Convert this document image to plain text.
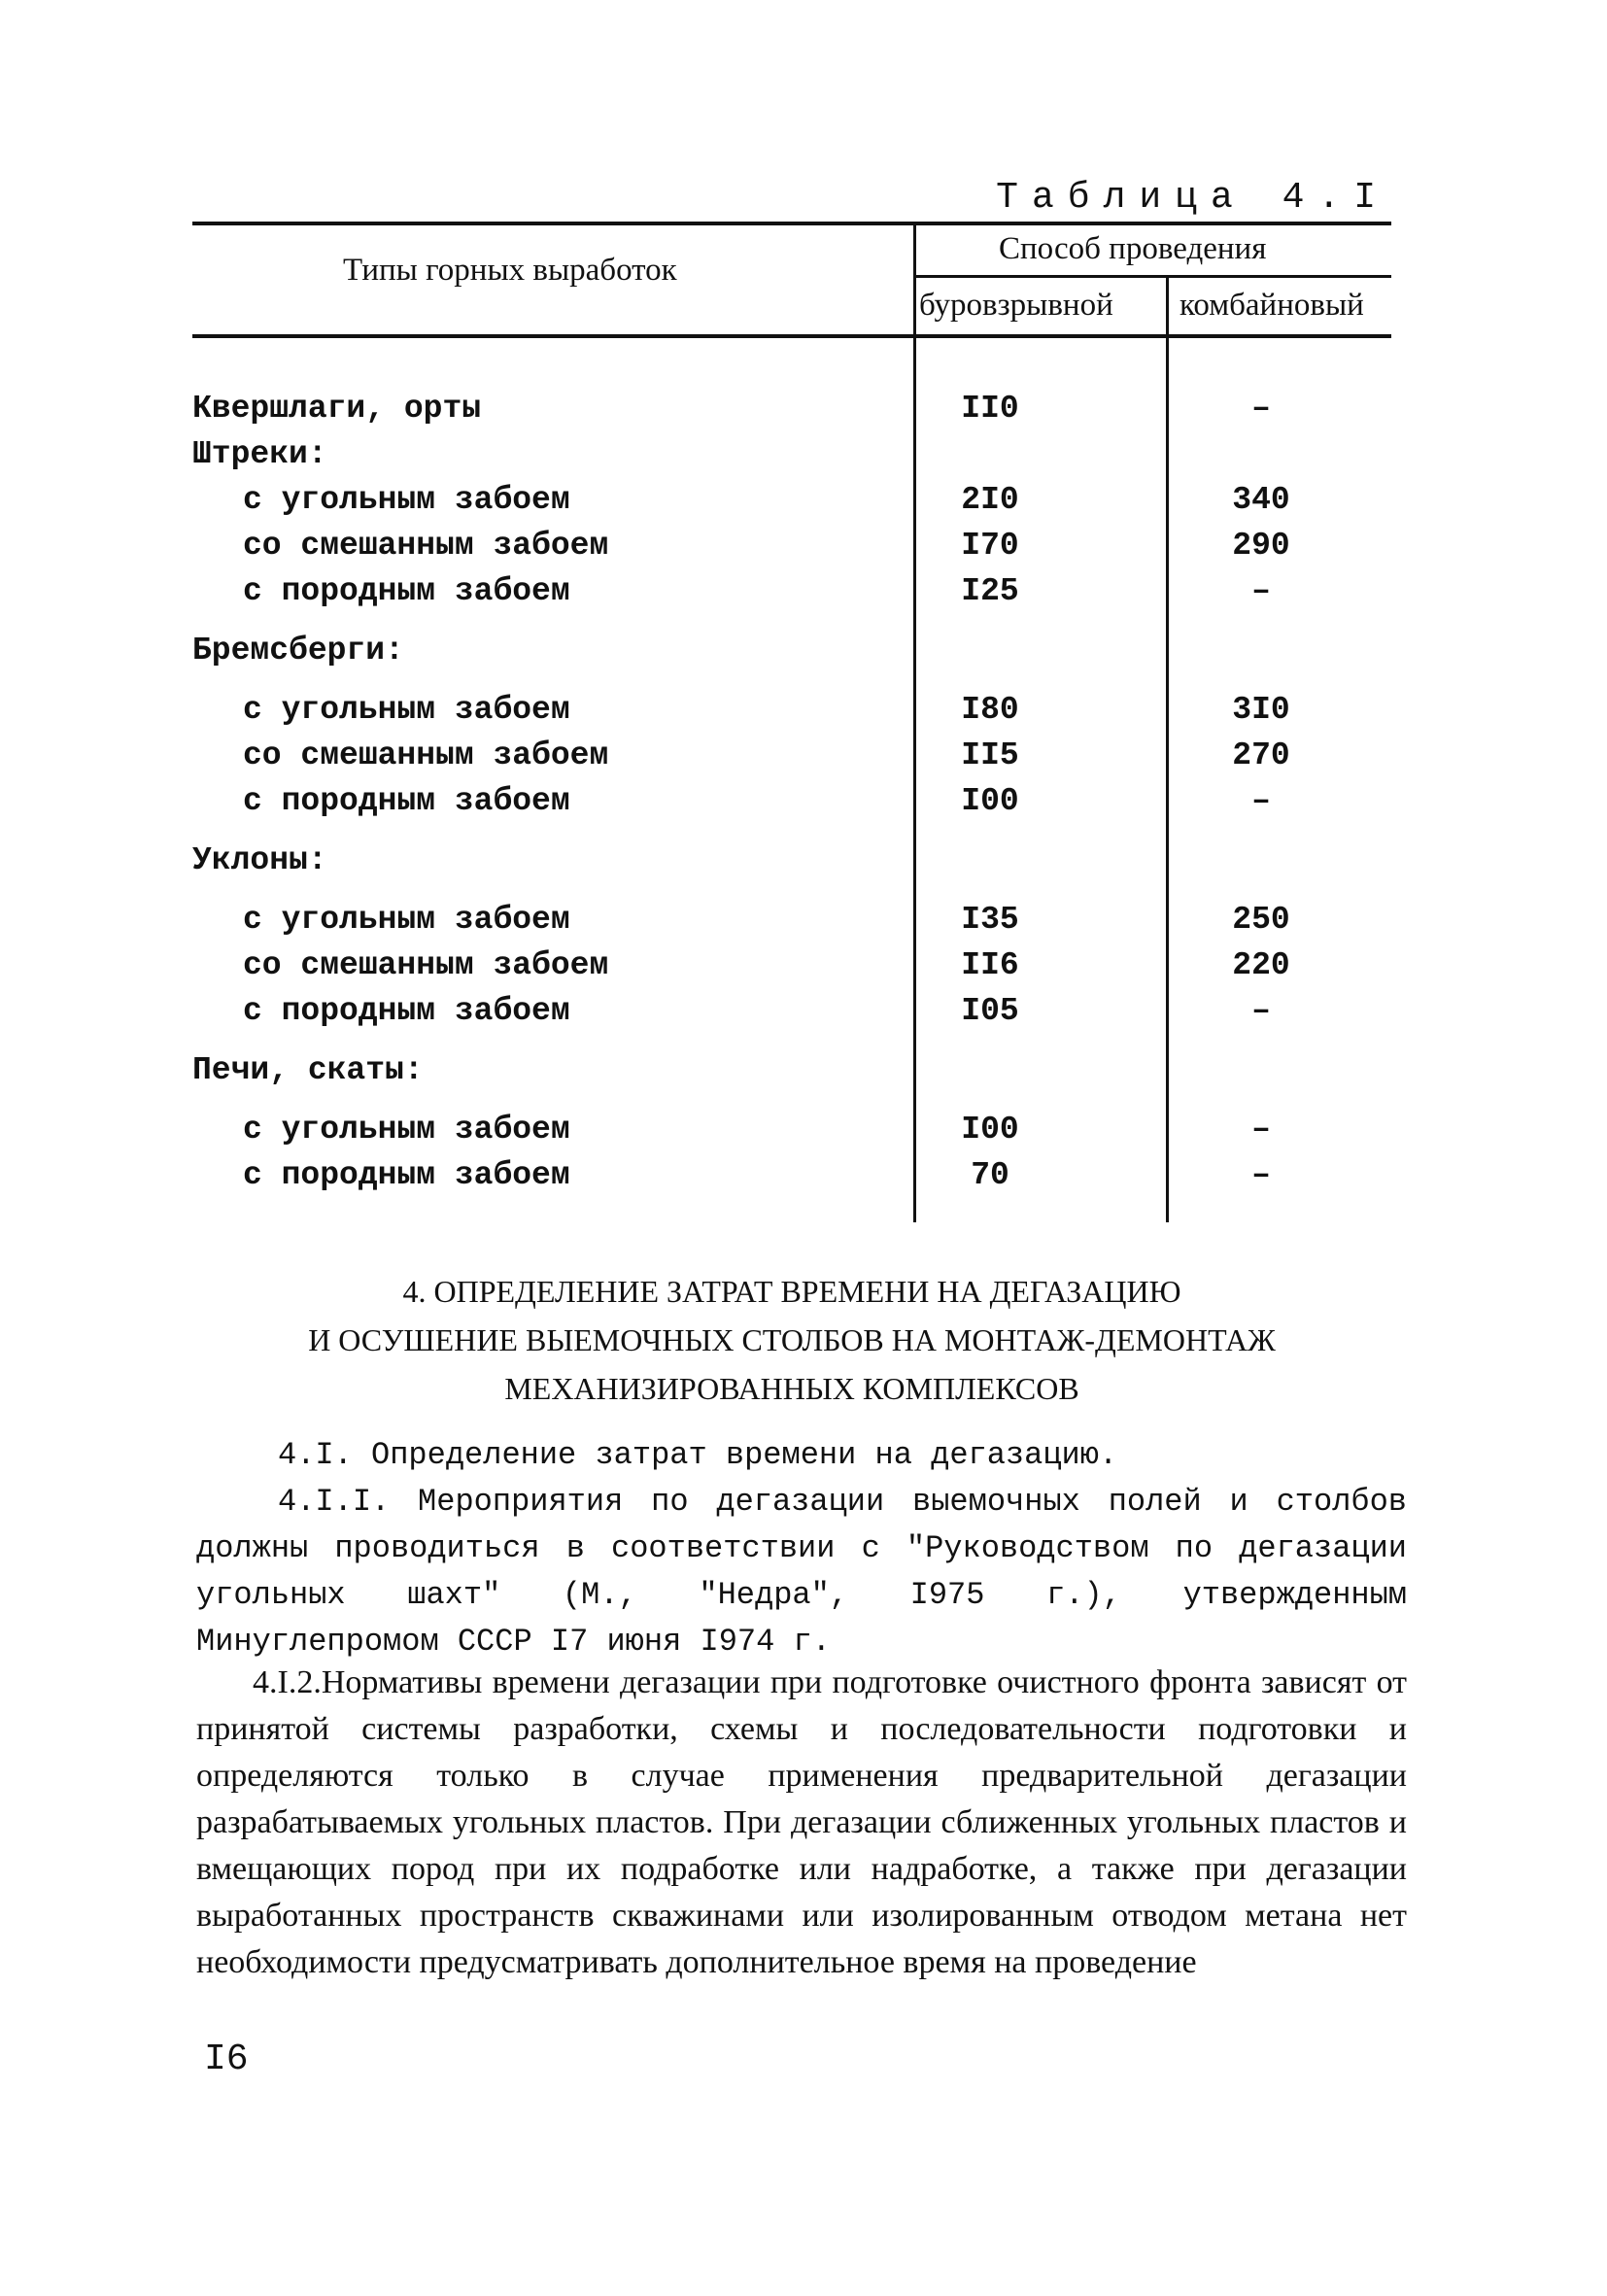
Таблица 4.I
Типы горных выработок
Способ проведения
буровзрывной комбайновый
Квершлаги, орты	II0	–
Штреки:
с угольным забоем	2I0	340
со смешанным забоем	I70	290
с породным забоем	I25	–
Бремсберги:
с угольным забоем	I80	3I0
со смешанным забоем	II5	270
с породным забоем	I00	–
Уклоны:
с угольным забоем	I35	250
со смешанным забоем	II6	220
с породным забоем	I05	–
Печи, скаты:
с угольным забоем	I00	–
с породным забоем	70	–
4. ОПРЕДЕЛЕНИЕ ЗАТРАТ ВРЕМЕНИ НА ДЕГАЗАЦИЮ
И ОСУШЕНИЕ ВЫЕМОЧНЫХ СТОЛБОВ НА МОНТАЖ-ДЕМОНТАЖ
МЕХАНИЗИРОВАННЫХ КОМПЛЕКСОВ
4.I. Определение затрат времени на дегазацию.
4.I.I. Мероприятия по дегазации выемочных полей и столбов должны проводиться в соответствии с "Руководством по дегазации угольных шахт" (М., "Недра", I975 г.), утвержденным Минуглепромом СССР I7 июня I974 г.
4.I.2.Нормативы времени дегазации при подготовке очистного фронта зависят от принятой системы разработки, схемы и последовательности подготовки и определяются только в случае применения предварительной дегазации разрабатываемых угольных пластов. При дегазации сближенных угольных пластов и вмещающих пород при их подработке или надработке, а также при дегазации выработанных пространств скважинами или изолированным отводом метана нет необходимости предусматривать дополнительное время на проведение
I6
